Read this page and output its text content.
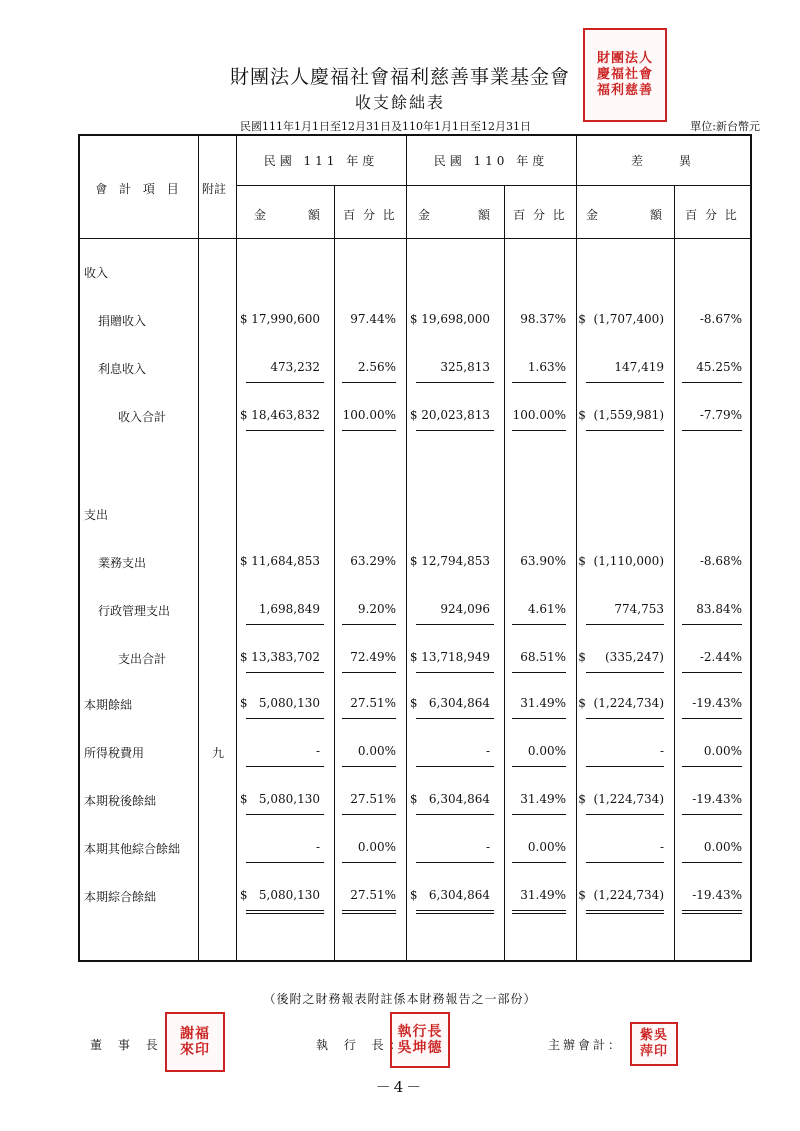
財團法人慶福社會福利慈善事業基金會
收支餘絀表
民國111年1月1日至12月31日及110年1月1日至12月31日	單位:新台幣元
財團法人
慶福社會
福利慈善
會 計 項 目	附註
民國 111 年度	民國 110 年度	差　　異
金	額	百 分 比	金	額	百 分 比	金	額	百 分 比
收入
捐贈收入	$ 17,990,600	97.44% $ 19,698,000	98.37% $  (1,707,400)	-8.67%
利息收入	473,232	2.56%	325,813	1.63%	147,419	45.25%
收入合計	$ 18,463,832 100.00% $ 20,023,813 100.00% $  (1,559,981)	-7.79%
支出
業務支出	$ 11,684,853	63.29% $ 12,794,853	63.90% $  (1,110,000)	-8.68%
行政管理支出	1,698,849	9.20%	924,096	4.61%	774,753	83.84%
支出合計	$ 13,383,702	72.49% $ 13,718,949	68.51% $     (335,247)	-2.44%
本期餘絀	$   5,080,130	27.51% $   6,304,864	31.49% $  (1,224,734) -19.43%
所得稅費用	九	-	0.00%	-	0.00%	-	0.00%
本期稅後餘絀	$   5,080,130	27.51% $   6,304,864	31.49% $  (1,224,734) -19.43%
本期其他綜合餘絀	-	0.00%	-	0.00%	-	0.00%
本期綜合餘絀	$   5,080,130	27.51% $   6,304,864	31.49% $  (1,224,734) -19.43%
（後附之財務報表附註係本財務報告之一部份）
董 事 長：
謝福
來印	執 行 長：
執行長
吳坤德	主辦會計：
紫吳
萍印
－4－
